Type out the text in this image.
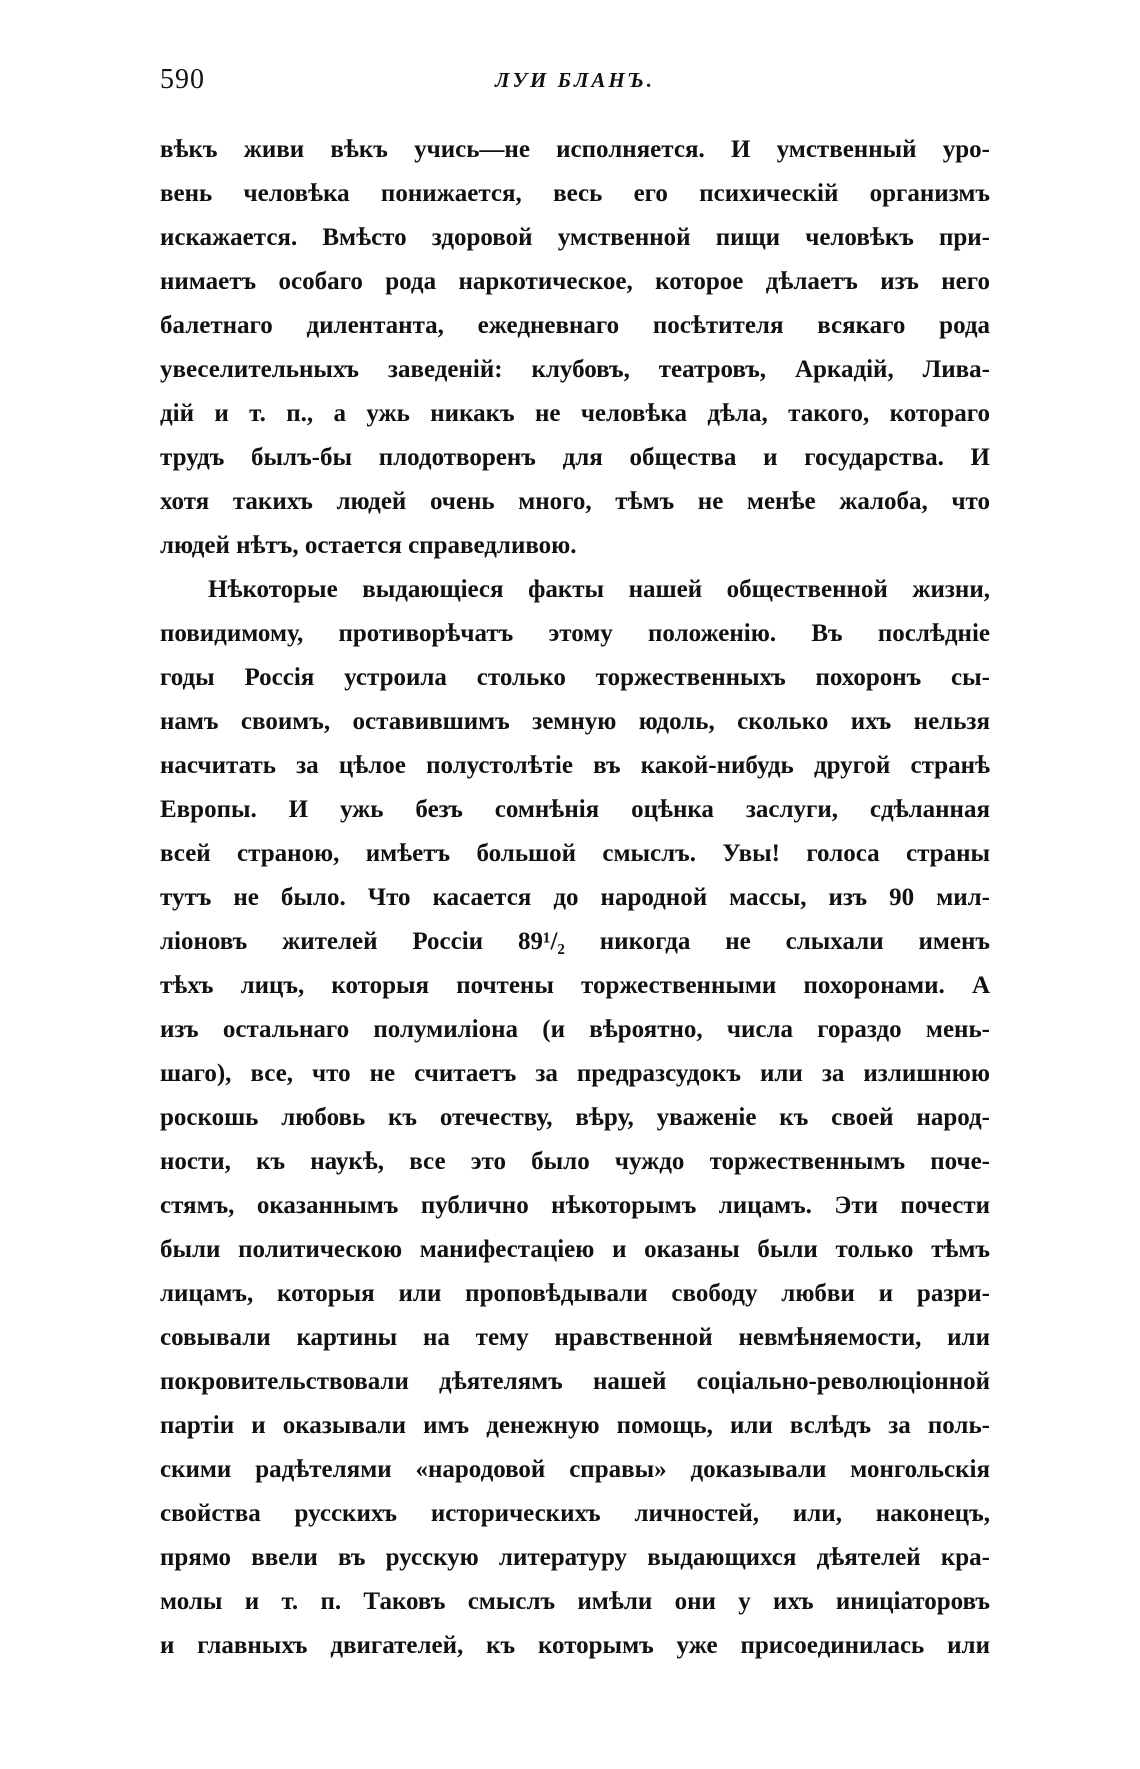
590	ЛУИ БЛАНЪ.
вѣкъ живи вѣкъ учись—не исполняется. И умственный уро-
вень человѣка понижается, весь его психическій организмъ
искажается. Вмѣсто здоровой умственной пищи человѣкъ при-
нимаетъ особаго рода наркотическое, которое дѣлаетъ изъ него
балетнаго дилентанта, ежедневнаго посѣтителя всякаго рода
увеселительныхъ заведеній: клубовъ, театровъ, Аркадій, Лива-
дій и т. п., а ужь никакъ не человѣка дѣла, такого, котораго
трудъ былъ-бы плодотворенъ для общества и государства. И
хотя такихъ людей очень много, тѣмъ не менѣе жалоба, что
людей нѣтъ, остается справедливою.
Нѣкоторые выдающіеся факты нашей общественной жизни,
повидимому, противорѣчатъ этому положенію. Въ послѣдніе
годы Россія устроила столько торжественныхъ похоронъ сы-
намъ своимъ, оставившимъ земную юдоль, сколько ихъ нельзя
насчитать за цѣлое полустолѣтіе въ какой-нибудь другой странѣ
Европы. И ужь безъ сомнѣнія оцѣнка заслуги, сдѣланная
всей страною, имѣетъ большой смыслъ. Увы! голоса страны
тутъ не было. Что касается до народной массы, изъ 90 мил-
ліоновъ жителей Россіи 89¹/₂ никогда не слыхали именъ
тѣхъ лицъ, которыя почтены торжественными похоронами. А
изъ остальнаго полумиліона (и вѣроятно, числа гораздо мень-
шаго), все, что не считаетъ за предразсудокъ или за излишнюю
роскошь любовь къ отечеству, вѣру, уваженіе къ своей народ-
ности, къ наукѣ, все это было чуждо торжественнымъ поче-
стямъ, оказаннымъ публично нѣкоторымъ лицамъ. Эти почести
были политическою манифестаціею и оказаны были только тѣмъ
лицамъ, которыя или проповѣдывали свободу любви и разри-
совывали картины на тему нравственной невмѣняемости, или
покровительствовали дѣятелямъ нашей соціально-революціонной
партіи и оказывали имъ денежную помощь, или вслѣдъ за поль-
скими радѣтелями «народовой справы» доказывали монгольскія
свойства русскихъ историческихъ личностей, или, наконецъ,
прямо ввели въ русскую литературу выдающихся дѣятелей кра-
молы и т. п. Таковъ смыслъ имѣли они у ихъ иниціаторовъ
и главныхъ двигателей, къ которымъ уже присоединилась или
